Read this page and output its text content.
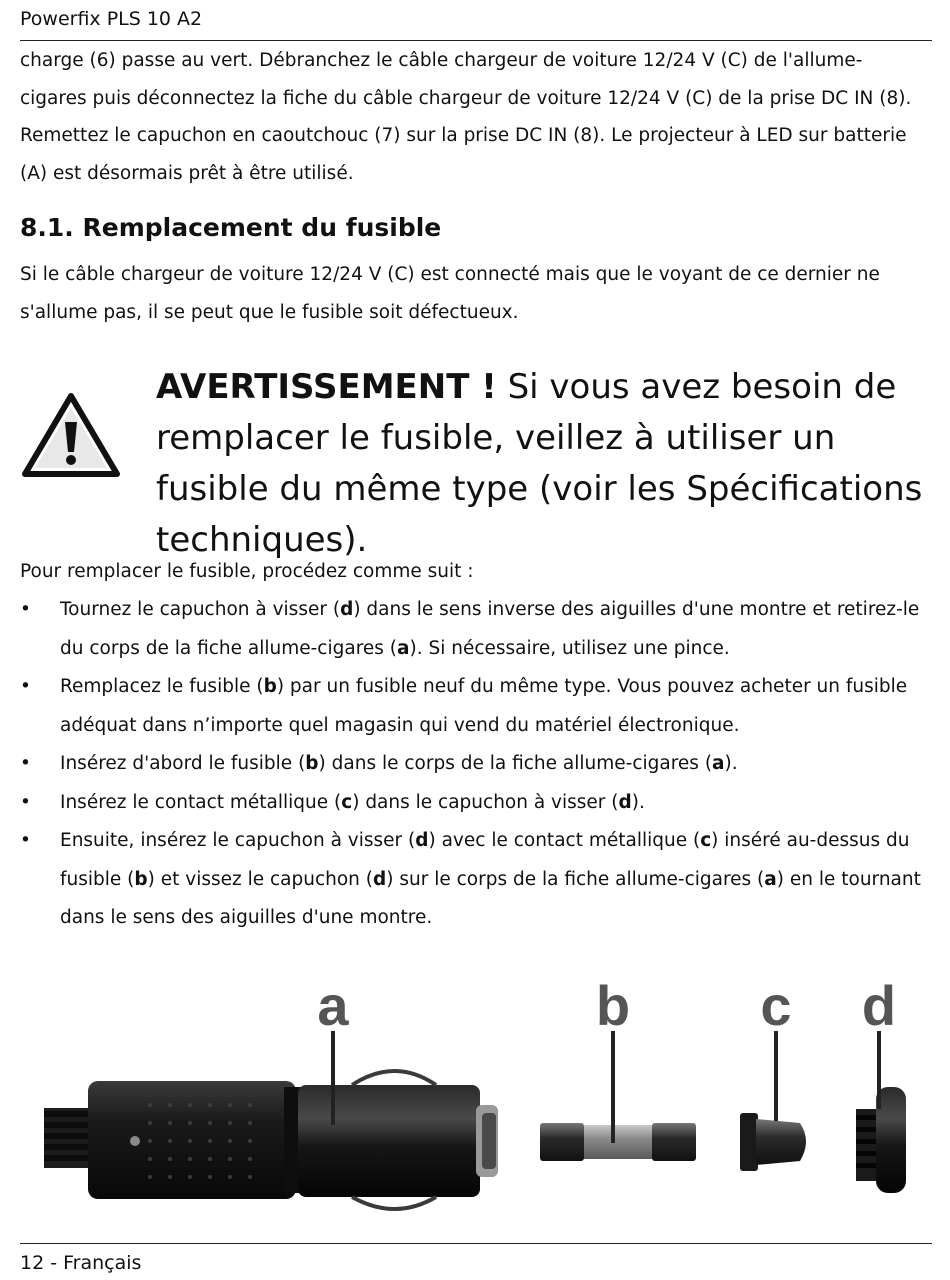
Powerfix PLS 10 A2

charge (6) passe au vert. Débranchez le câble chargeur de voiture 12/24 V (C) de l'allume-cigares puis déconnectez la fiche du câble chargeur de voiture 12/24 V (C) de la prise DC IN (8). Remettez le capuchon en caoutchouc (7) sur la prise DC IN (8). Le projecteur à LED sur batterie (A) est désormais prêt à être utilisé.

8.1. Remplacement du fusible

Si le câble chargeur de voiture 12/24 V (C) est connecté mais que le voyant de ce dernier ne s'allume pas, il se peut que le fusible soit défectueux.

AVERTISSEMENT ! Si vous avez besoin de remplacer le fusible, veillez à utiliser un fusible du même type (voir les Spécifications techniques).

Pour remplacer le fusible, procédez comme suit :
• Tournez le capuchon à visser (d) dans le sens inverse des aiguilles d'une montre et retirez-le du corps de la fiche allume-cigares (a). Si nécessaire, utilisez une pince.
• Remplacez le fusible (b) par un fusible neuf du même type. Vous pouvez acheter un fusible adéquat dans n’importe quel magasin qui vend du matériel électronique.
• Insérez d'abord le fusible (b) dans le corps de la fiche allume-cigares (a).
• Insérez le contact métallique (c) dans le capuchon à visser (d).
• Ensuite, insérez le capuchon à visser (d) avec le contact métallique (c) inséré au-dessus du fusible (b) et vissez le capuchon (d) sur le corps de la fiche allume-cigares (a) en le tournant dans le sens des aiguilles d'une montre.
a	b c d
12 - Français
